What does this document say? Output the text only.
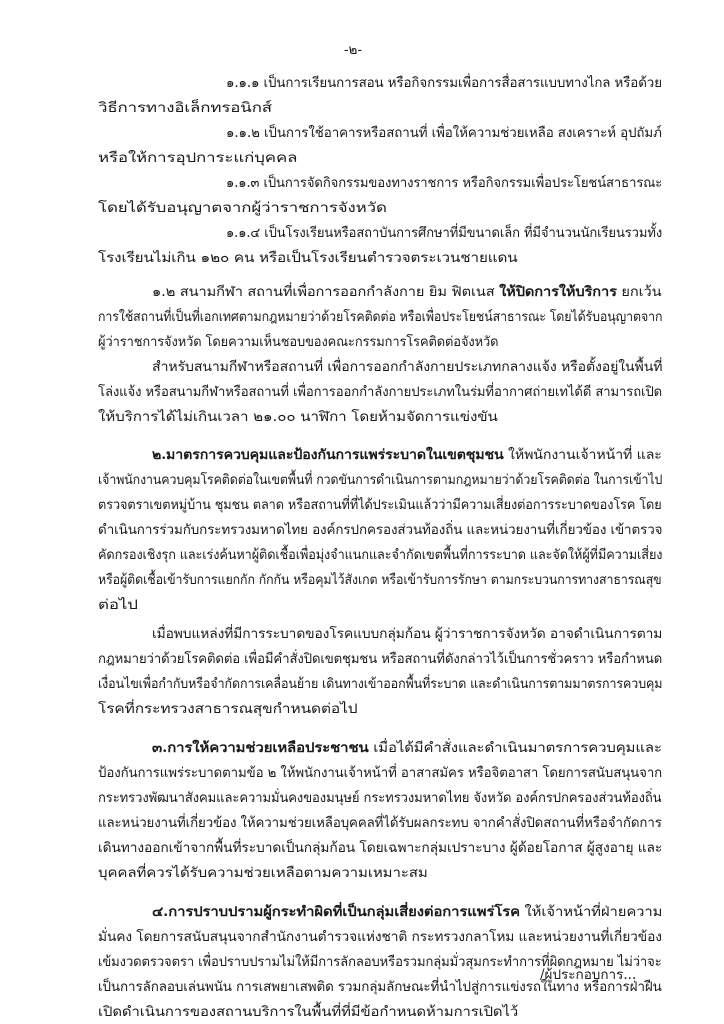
-๒-
๑.๑.๑ เป็นการเรียนการสอน หรือกิจกรรมเพื่อการสื่อสารแบบทางไกล หรือด้วย
วิธีการทางอิเล็กทรอนิกส์
๑.๑.๒ เป็นการใช้อาคารหรือสถานที่ เพื่อให้ความช่วยเหลือ สงเคราะห์ อุปถัมภ์
หรือให้การอุปการะแก่บุคคล
๑.๑.๓ เป็นการจัดกิจกรรมของทางราชการ หรือกิจกรรมเพื่อประโยชน์สาธารณะ
โดยได้รับอนุญาตจากผู้ว่าราชการจังหวัด
๑.๑.๔ เป็นโรงเรียนหรือสถาบันการศึกษาที่มีขนาดเล็ก ที่มีจำนวนนักเรียนรวมทั้ง
โรงเรียนไม่เกิน ๑๒๐ คน หรือเป็นโรงเรียนตำรวจตระเวนชายแดน
๑.๒ สนามกีฬา สถานที่เพื่อการออกกำลังกาย ยิม ฟิตเนส ให้ปิดการให้บริการ ยกเว้น
การใช้สถานที่เป็นที่เอกเทศตามกฎหมายว่าด้วยโรคติดต่อ หรือเพื่อประโยชน์สาธารณะ โดยได้รับอนุญาตจาก
ผู้ว่าราชการจังหวัด โดยความเห็นชอบของคณะกรรมการโรคติดต่อจังหวัด
สำหรับสนามกีฬาหรือสถานที่ เพื่อการออกกำลังกายประเภทกลางแจ้ง หรือตั้งอยู่ในพื้นที่
โล่งแจ้ง หรือสนามกีฬาหรือสถานที่ เพื่อการออกกำลังกายประเภทในร่มที่อากาศถ่ายเทได้ดี สามารถเปิด
ให้บริการได้ไม่เกินเวลา ๒๑.๐๐ นาฬิกา โดยห้ามจัดการแข่งขัน
๒.มาตรการควบคุมและป้องกันการแพร่ระบาดในเขตชุมชน ให้พนักงานเจ้าหน้าที่ และ
เจ้าพนักงานควบคุมโรคติดต่อในเขตพื้นที่ กวดขันการดำเนินการตามกฎหมายว่าด้วยโรคติดต่อ ในการเข้าไป
ตรวจตราเขตหมู่บ้าน ชุมชน ตลาด หรือสถานที่ที่ได้ประเมินแล้วว่ามีความเสี่ยงต่อการระบาดของโรค โดย
ดำเนินการร่วมกับกระทรวงมหาดไทย องค์กรปกครองส่วนท้องถิ่น และหน่วยงานที่เกี่ยวข้อง เข้าตรวจ
คัดกรองเชิงรุก และเร่งค้นหาผู้ติดเชื้อเพื่อมุ่งจำแนกและจำกัดเขตพื้นที่การระบาด และจัดให้ผู้ที่มีความเสี่ยง
หรือผู้ติดเชื้อเข้ารับการแยกกัก กักกัน หรือคุมไว้สังเกต หรือเข้ารับการรักษา ตามกระบวนการทางสาธารณสุข
ต่อไป
เมื่อพบแหล่งที่มีการระบาดของโรคแบบกลุ่มก้อน ผู้ว่าราชการจังหวัด อาจดำเนินการตาม
กฎหมายว่าด้วยโรคติดต่อ เพื่อมีคำสั่งปิดเขตชุมชน หรือสถานที่ดังกล่าวไว้เป็นการชั่วคราว หรือกำหนด
เงื่อนไขเพื่อกำกับหรือจำกัดการเคลื่อนย้าย เดินทางเข้าออกพื้นที่ระบาด และดำเนินการตามมาตรการควบคุม
โรคที่กระทรวงสาธารณสุขกำหนดต่อไป
๓.การให้ความช่วยเหลือประชาชน เมื่อได้มีคำสั่งและดำเนินมาตรการควบคุมและ
ป้องกันการแพร่ระบาดตามข้อ ๒ ให้พนักงานเจ้าหน้าที่ อาสาสมัคร หรือจิตอาสา โดยการสนับสนุนจาก
กระทรวงพัฒนาสังคมและความมั่นคงของมนุษย์ กระทรวงมหาดไทย จังหวัด องค์กรปกครองส่วนท้องถิ่น
และหน่วยงานที่เกี่ยวข้อง ให้ความช่วยเหลือบุคคลที่ได้รับผลกระทบ จากคำสั่งปิดสถานที่หรือจำกัดการ
เดินทางออกเข้าจากพื้นที่ระบาดเป็นกลุ่มก้อน โดยเฉพาะกลุ่มเปราะบาง ผู้ด้อยโอกาส ผู้สูงอายุ และ
บุคคลที่ควรได้รับความช่วยเหลือตามความเหมาะสม
๔.การปราบปรามผู้กระทำผิดที่เป็นกลุ่มเสี่ยงต่อการแพร่โรค ให้เจ้าหน้าที่ฝ่ายความ
มั่นคง โดยการสนับสนุนจากสำนักงานตำรวจแห่งชาติ กระทรวงกลาโหม และหน่วยงานที่เกี่ยวข้อง
เข้มงวดตรวจตรา เพื่อปราบปรามไม่ให้มีการลักลอบหรือรวมกลุ่มมั่วสุมกระทำการที่ผิดกฎหมาย ไม่ว่าจะ
เป็นการลักลอบเล่นพนัน การเสพยาเสพติด รวมกลุ่มลักษณะที่นำไปสู่การแข่งรถในทาง หรือการฝ่าฝืน
เปิดดำเนินการของสถานบริการในพื้นที่ที่มีข้อกำหนดห้ามการเปิดไว้
/ผู้ประกอบการ...
